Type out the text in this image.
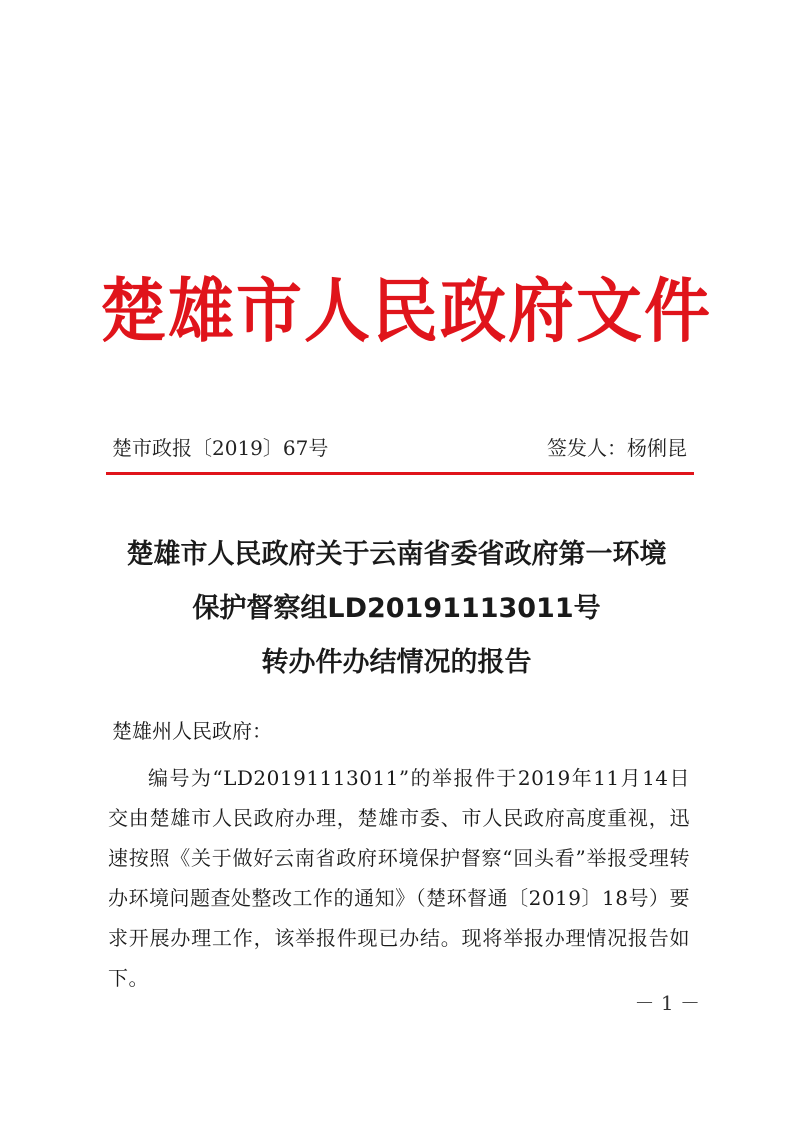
楚雄市人民政府文件
楚市政报〔2019〕67号	签发人：杨俐昆
楚雄市人民政府关于云南省委省政府第一环境
保护督察组LD20191113011号
转办件办结情况的报告
楚雄州人民政府：
编号为“LD20191113011”的举报件于2019年11月14日交由楚雄市人民政府办理，楚雄市委、市人民政府高度重视，迅速按照《关于做好云南省政府环境保护督察“回头看”举报受理转办环境问题查处整改工作的通知》（楚环督通〔2019〕18号）要求开展办理工作，该举报件现已办结。现将举报办理情况报告如下。
－ 1 －
